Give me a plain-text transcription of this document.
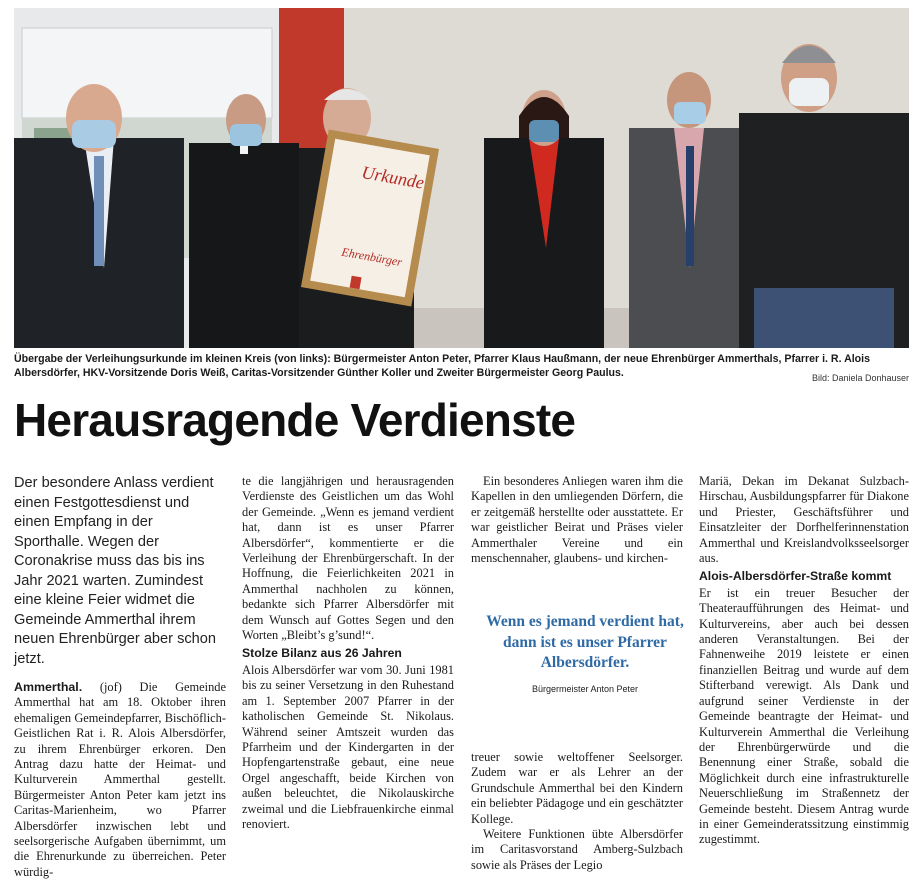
Urkunde
Ehrenbürger
Übergabe der Verleihungsurkunde im kleinen Kreis (von links): Bürgermeister Anton Peter, Pfarrer Klaus Haußmann, der neue Ehrenbürger Ammerthals, Pfarrer i. R. Alois Albersdörfer, HKV-Vorsitzende Doris Weiß, Caritas-Vorsitzender Günther Koller und Zweiter Bürgermeister Georg Paulus.	Bild: Daniela Donhauser
Herausragende Verdienste

Der besondere Anlass verdient einen Festgottesdienst und einen Empfang in der Sporthalle. Wegen der Coronakrise muss das bis ins Jahr 2021 warten. Zumindest eine kleine Feier widmet die Gemeinde Ammerthal ihrem neuen Ehrenbürger aber schon jetzt.

Ammerthal. (jof) Die Gemeinde Ammerthal hat am 18. Oktober ihren ehemaligen Gemeindepfarrer, Bischöflich-Geistlichen Rat i. R. Alois Albersdörfer, zu ihrem Ehrenbürger erkoren. Den Antrag dazu hatte der Heimat- und Kulturverein Ammerthal gestellt. Bürgermeister Anton Peter kam jetzt ins Caritas-Marienheim, wo Pfarrer Albersdörfer inzwischen lebt und seelsorgerische Aufgaben übernimmt, um die Ehrenurkunde zu überreichen. Peter würdig-

te die langjährigen und herausragenden Verdienste des Geistlichen um das Wohl der Gemeinde. „Wenn es jemand verdient hat, dann ist es unser Pfarrer Albersdörfer“, kommentierte er die Verleihung der Ehrenbürgerschaft. In der Hoffnung, die Feierlichkeiten 2021 in Ammerthal nachholen zu können, bedankte sich Pfarrer Albersdörfer mit dem Wunsch auf Gottes Segen und den Worten „Bleibt’s g’sund!“.

Stolze Bilanz aus 26 Jahren

Alois Albersdörfer war vom 30. Juni 1981 bis zu seiner Versetzung in den Ruhestand am 1. September 2007 Pfarrer in der katholischen Gemeinde St. Nikolaus. Während seiner Amtszeit wurden das Pfarrheim und der Kindergarten in der Hopfengartenstraße gebaut, eine neue Orgel angeschafft, beide Kirchen von außen beleuchtet, die Nikolauskirche zweimal und die Liebfrauenkirche einmal renoviert.

Ein besonderes Anliegen waren ihm die Kapellen in den umliegenden Dörfern, die er zeitgemäß herstellte oder ausstattete. Er war geistlicher Beirat und Präses vieler Ammerthaler Vereine und ein menschennaher, glaubens- und kirchen-

Wenn es jemand verdient hat, dann ist es unser Pfarrer Albersdörfer.
Bürgermeister Anton Peter

treuer sowie weltoffener Seelsorger. Zudem war er als Lehrer an der Grundschule Ammerthal bei den Kindern ein beliebter Pädagoge und ein geschätzter Kollege.

Weitere Funktionen übte Albersdörfer im Caritasvorstand Amberg-Sulzbach sowie als Präses der Legio

Mariä, Dekan im Dekanat Sulzbach-Hirschau, Ausbildungspfarrer für Diakone und Priester, Geschäftsführer und Einsatzleiter der Dorfhelferinnenstation Ammerthal und Kreislandvolksseelsorger aus.

Alois-Albersdörfer-Straße kommt

Er ist ein treuer Besucher der Theateraufführungen des Heimat- und Kulturvereins, aber auch bei dessen anderen Veranstaltungen. Bei der Fahnenweihe 2019 leistete er einen finanziellen Beitrag und wurde auf dem Stifterband verewigt. Als Dank und aufgrund seiner Verdienste in der Gemeinde beantragte der Heimat- und Kulturverein Ammerthal die Verleihung der Ehrenbürgerwürde und die Benennung einer Straße, sobald die Möglichkeit durch eine infrastrukturelle Neuerschließung im Straßennetz der Gemeinde besteht. Diesem Antrag wurde in einer Gemeinderatssitzung einstimmig zugestimmt.
